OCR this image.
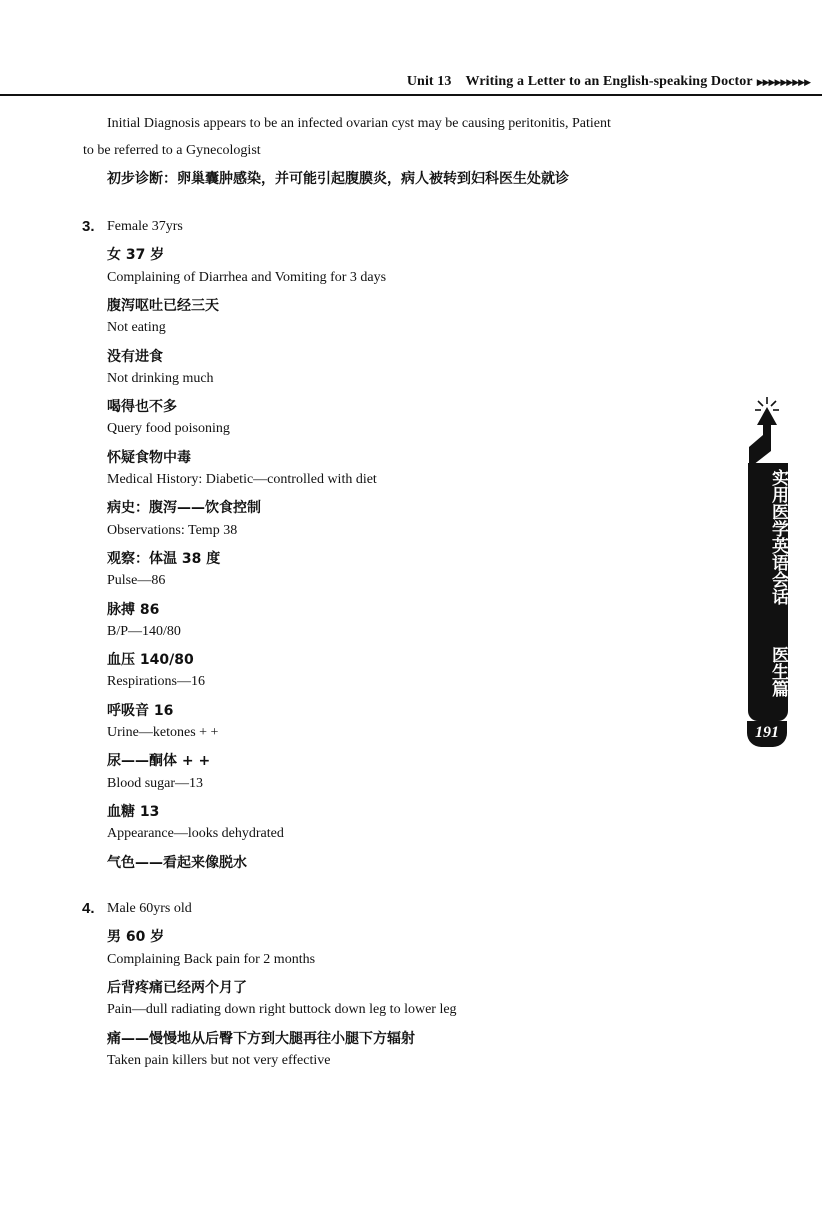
Unit 13 Writing a Letter to an English-speaking Doctor ▶▶▶▶▶▶▶▶▶
Initial Diagnosis appears to be an infected ovarian cyst may be causing peritonitis, Patient
to be referred to a Gynecologist
初步诊断：卵巢囊肿感染，并可能引起腹膜炎，病人被转到妇科医生处就诊
3. Female 37yrs
女 37 岁
Complaining of Diarrhea and Vomiting for 3 days
腹泻呕吐已经三天
Not eating
没有进食
Not drinking much
喝得也不多
Query food poisoning
怀疑食物中毒
Medical History: Diabetic—controlled with diet
病史：腹泻——饮食控制
Observations: Temp 38
观察：体温 38 度
Pulse—86
脉搏 86
B/P—140/80
血压 140/80
Respirations—16
呼吸音 16
Urine—ketones + +
尿——酮体 + +
Blood sugar—13
血糖 13
Appearance—looks dehydrated
气色——看起来像脱水
4. Male 60yrs old
男 60 岁
Complaining Back pain for 2 months
后背疼痛已经两个月了
Pain—dull radiating down right buttock down leg to lower leg
痛——慢慢地从后臀下方到大腿再往小腿下方辐射
Taken pain killers but not very effective
实用医学英语会话
医生篇
191
